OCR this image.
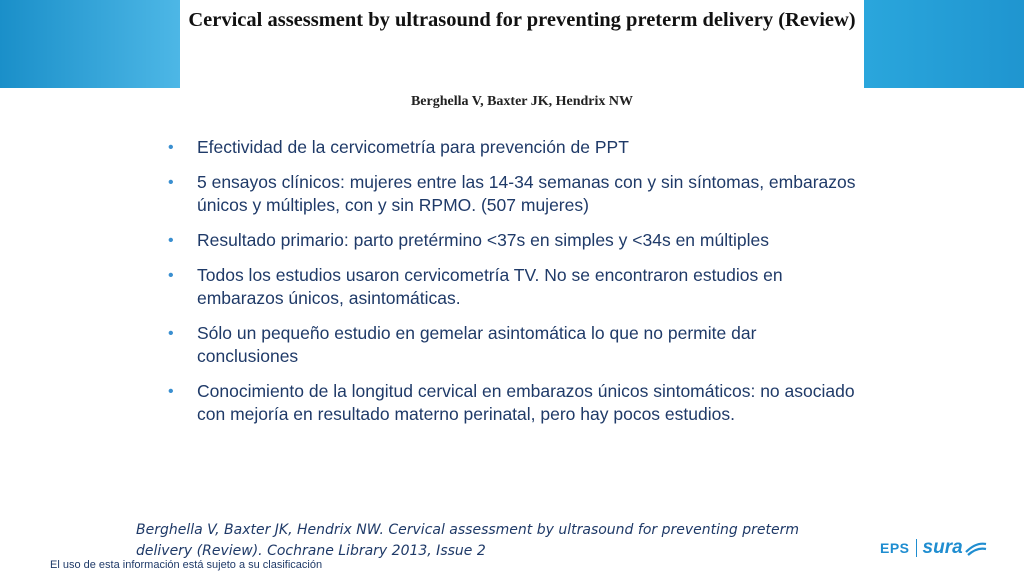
Cervical assessment by ultrasound for preventing preterm delivery (Review)
Berghella V, Baxter JK, Hendrix NW
• Efectividad de la cervicometría para prevención de PPT
• 5 ensayos clínicos: mujeres entre las 14-34 semanas con y sin síntomas, embarazos únicos y múltiples, con y sin RPMO. (507 mujeres)
• Resultado primario: parto pretérmino <37s en simples y <34s en múltiples
• Todos los estudios usaron cervicometría TV. No se encontraron estudios en embarazos únicos, asintomáticas.
• Sólo un pequeño estudio en gemelar asintomática lo que no permite dar conclusiones
• Conocimiento de la longitud cervical en embarazos únicos sintomáticos: no asociado con mejoría en resultado materno perinatal, pero hay pocos estudios.
Berghella V, Baxter JK, Hendrix NW. Cervical assessment by ultrasound for preventing preterm delivery (Review). Cochrane Library 2013, Issue 2
El uso de esta información está sujeto a su clasificación
EPS sura
